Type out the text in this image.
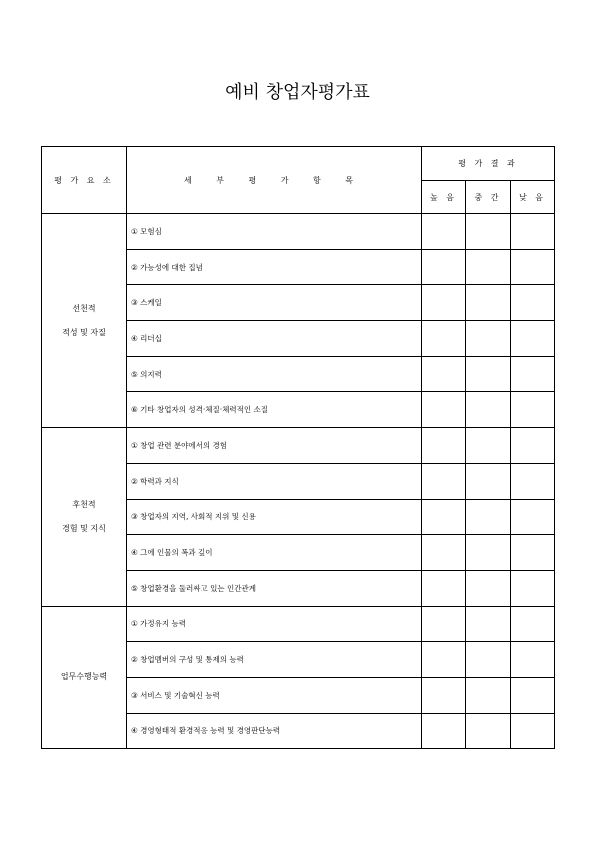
예비 창업자평가표
평 가 요 소	세 부 평 가 항 목	평 가 결 과		
		높 음	중 간	낮 음

선천적
적성 및 자질	① 모험심			
	② 가능성에 대한 집념			
	③ 스케일			
	④ 리더십			
	⑤ 의지력			
	⑥ 기타 창업자의 성격·체질·체력적인 소질			

후천적
경험 및 지식	① 창업 관련 분야에서의 경험			
	② 학력과 지식			
	③ 창업자의 지역, 사회적 지위 및 신용			
	④ 그에 인물의 폭과 깊이			
	⑤ 창업환경을 둘러싸고 있는 인간관계			

업무수행능력	① 가정유지 능력			
	② 창업멤버의 구성 및 통제의 능력			
	③ 서비스 및 기술혁신 능력			
	④ 경영형태적 환경적응 능력 및 경영판단능력			
